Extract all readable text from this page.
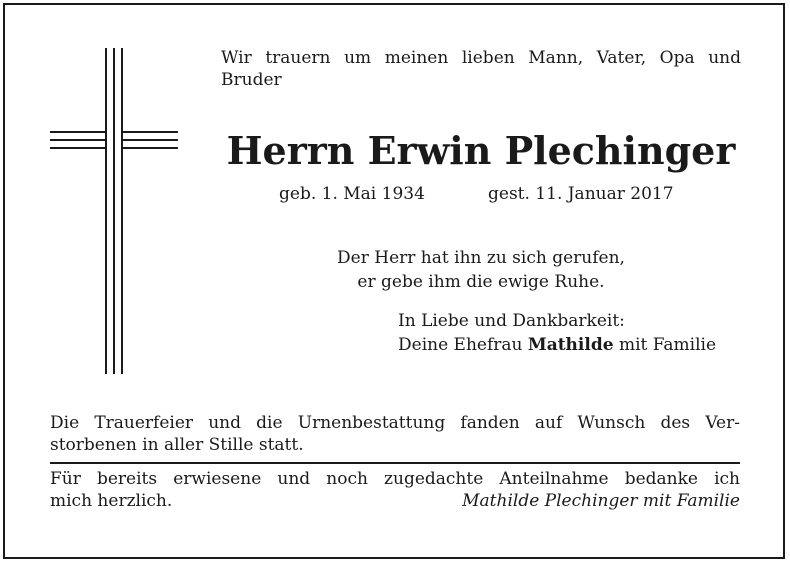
Wir trauern um meinen lieben Mann, Vater, Opa und

Bruder

Herrn Erwin Plechinger
geb. 1. Mai 1934	gest. 11. Januar 2017
Der Herr hat ihn zu sich gerufen,
er gebe ihm die ewige Ruhe.
In Liebe und Dankbarkeit:
Deine Ehefrau Mathilde mit Familie
Die Trauerfeier und die Urnenbestattung fanden auf Wunsch des Ver-
storbenen in aller Stille statt.
Für bereits erwiesene und noch zugedachte Anteilnahme bedanke ich
mich herzlich.	Mathilde Plechinger mit Familie
